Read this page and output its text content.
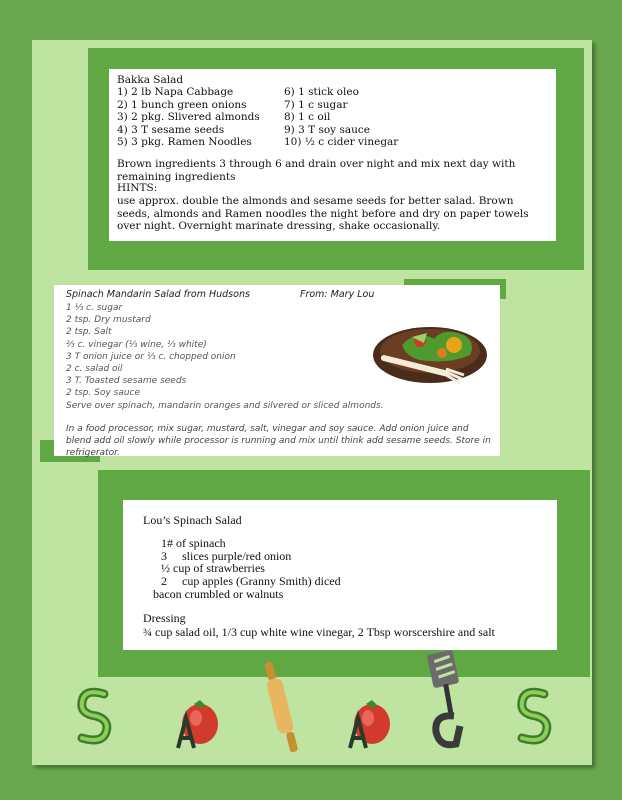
Bakka Salad
1) 2 lb Napa Cabbage
2) 1 bunch green onions
3) 2 pkg. Slivered almonds
4) 3 T sesame seeds
5) 3 pkg. Ramen Noodles
6) 1 stick oleo
7) 1 c sugar
8) 1 c oil
9) 3 T soy sauce
10) ½ c cider vinegar
Brown ingredients 3 through 6 and drain over night and mix next day with remaining ingredients
HINTS:
use approx. double the almonds and sesame seeds for better salad. Brown seeds, almonds and Ramen noodles the night before and dry on paper towels over night. Overnight marinate dressing, shake occasionally.
Spinach Mandarin Salad from Hudsons	From: Mary Lou
1 ⅓ c. sugar
2 tsp. Dry mustard
2 tsp. Salt
⅔ c. vinegar (⅓ wine, ⅓ white)
3 T onion juice or ⅓ c. chopped onion
2 c. salad oil
3 T. Toasted sesame seeds
2 tsp. Soy sauce
Serve over spinach, mandarin oranges and silvered or sliced almonds.
In a food processor, mix sugar, mustard, salt, vinegar and soy sauce. Add onion juice and blend add oil slowly while processor is running and mix until think add sesame seeds. Store in refrigerator.
Lou’s Spinach Salad
1# of spinach
3     slices purple/red onion
½ cup of strawberries
2     cup apples (Granny Smith) diced
bacon crumbled or walnuts
Dressing
¾ cup salad oil, 1/3 cup white wine vinegar, 2 Tbsp worscershire and salt
